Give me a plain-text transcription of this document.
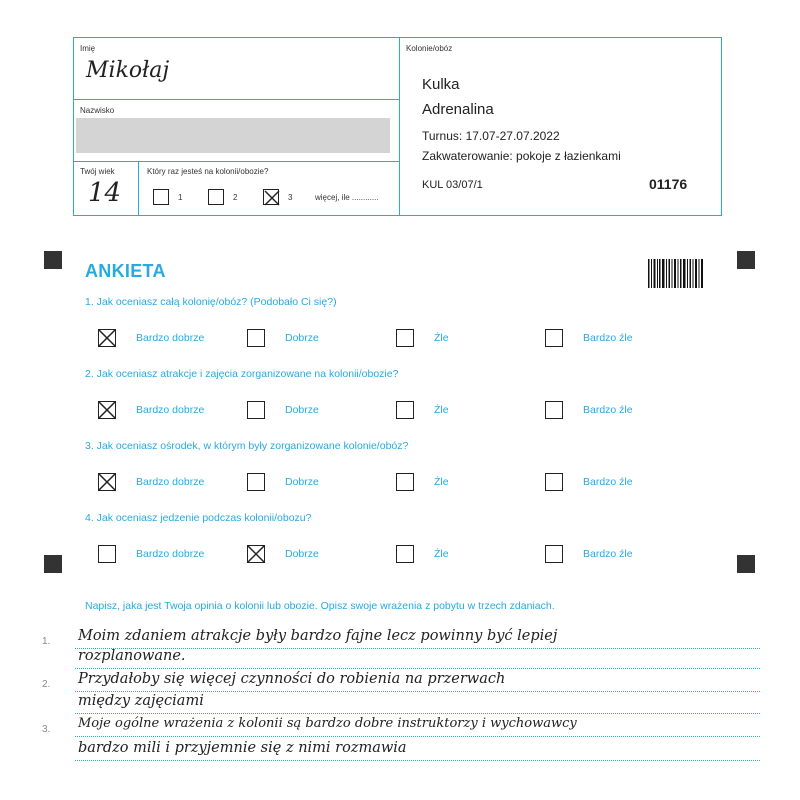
Imię
Mikołaj
Nazwisko
Twój wiek
14
Który raz jesteś na kolonii/obozie?
1	2	3	więcej, ile ............
Kolonie/obóz
Kulka
Adrenalina
Turnus: 17.07-27.07.2022
Zakwaterowanie: pokoje z łazienkami
KUL 03/07/1	01176
ANKIETA
1. Jak oceniasz całą kolonię/obóz? (Podobało Ci się?)
Bardzo dobrze	Dobrze	Źle	Bardzo źle
2. Jak oceniasz atrakcje i zajęcia zorganizowane na kolonii/obozie?
Bardzo dobrze	Dobrze	Źle	Bardzo źle
3. Jak oceniasz ośrodek, w którym były zorganizowane kolonie/obóz?
Bardzo dobrze	Dobrze	Źle	Bardzo źle
4. Jak oceniasz jedzenie podczas kolonii/obozu?
Bardzo dobrze	Dobrze	Źle	Bardzo źle
Napisz, jaka jest Twoja opinia o kolonii lub obozie. Opisz swoje wrażenia z pobytu w trzech zdaniach.
1. Moim zdaniem atrakcje były bardzo fajne lecz powinny być lepiej
rozplanowane.
2. Przydałoby się więcej czynności do robienia na przerwach
między zajęciami
3. Moje ogólne wrażenia z kolonii są bardzo dobre instruktorzy i wychowawcy
bardzo mili i przyjemnie się z nimi rozmawia
